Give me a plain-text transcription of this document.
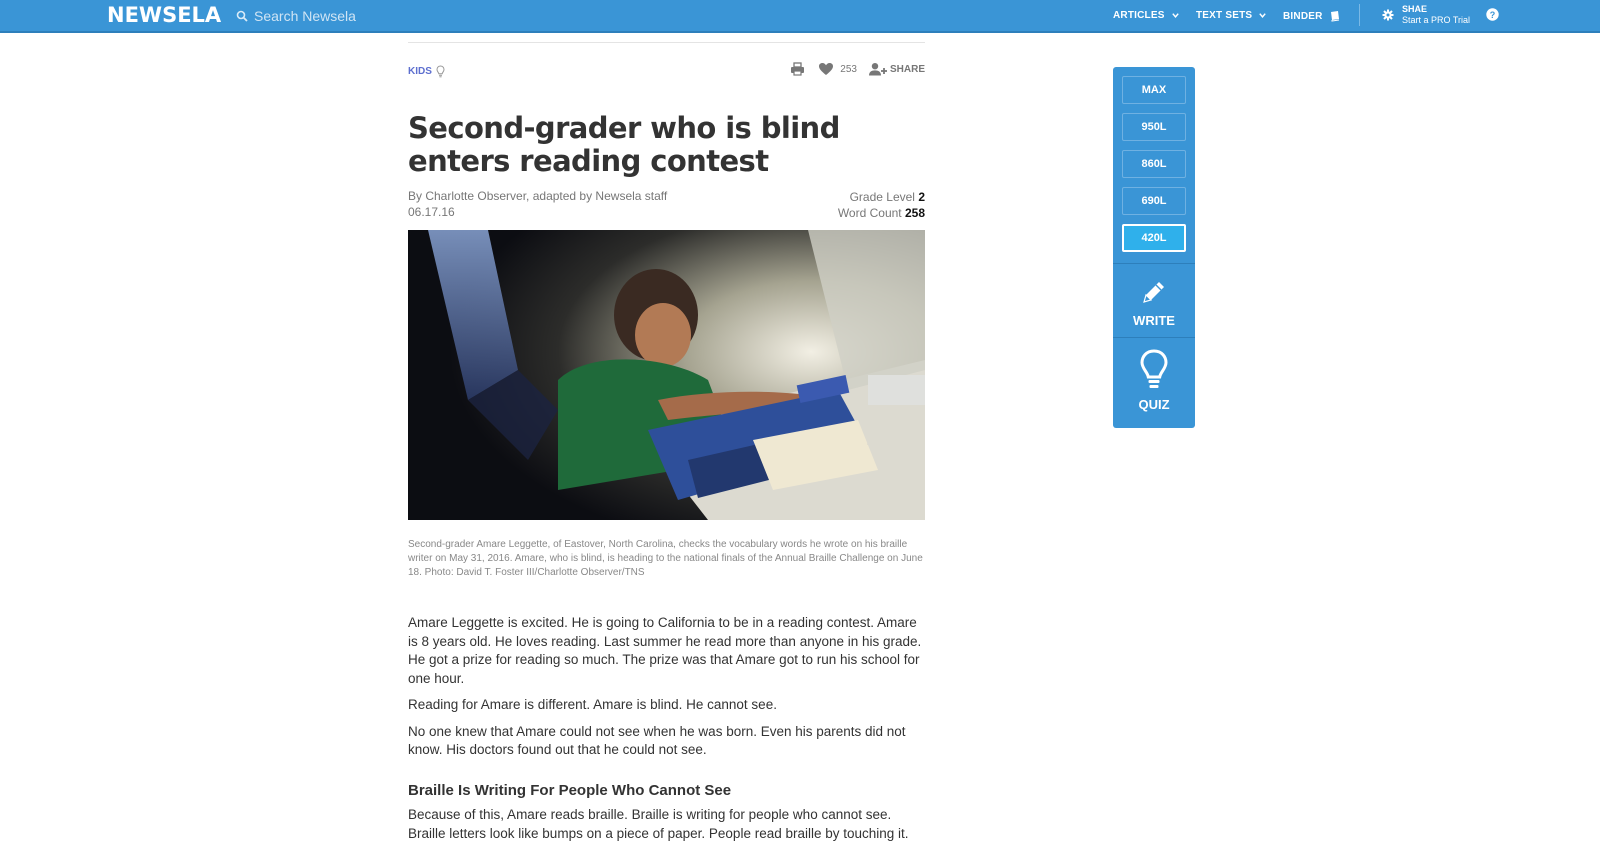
NEWSELA
Search Newsela	ARTICLES	TEXT SETS	BINDER
SHAE
Start a PRO Trial ?
KIDS	253	SHARE
Second-grader who is blind enters reading contest
By Charlotte Observer, adapted by Newsela staff
06.17.16
Grade Level 2
Word Count 258

Second-grader Amare Leggette, of Eastover, North Carolina, checks the vocabulary words he wrote on his braille writer on May 31, 2016. Amare, who is blind, is heading to the national finals of the Annual Braille Challenge on June 18. Photo: David T. Foster III/Charlotte Observer/TNS

Amare Leggette is excited. He is going to California to be in a reading contest. Amare is 8 years old. He loves reading. Last summer he read more than anyone in his grade. He got a prize for reading so much. The prize was that Amare got to run his school for one hour.

Reading for Amare is different. Amare is blind. He cannot see.

No one knew that Amare could not see when he was born. Even his parents did not know. His doctors found out that he could not see.

Braille Is Writing For People Who Cannot See

Because of this, Amare reads braille. Braille is writing for people who cannot see. Braille letters look like bumps on a piece of paper. People read braille by touching it.

MAX
950L
860L
690L
420L
WRITE
QUIZ
